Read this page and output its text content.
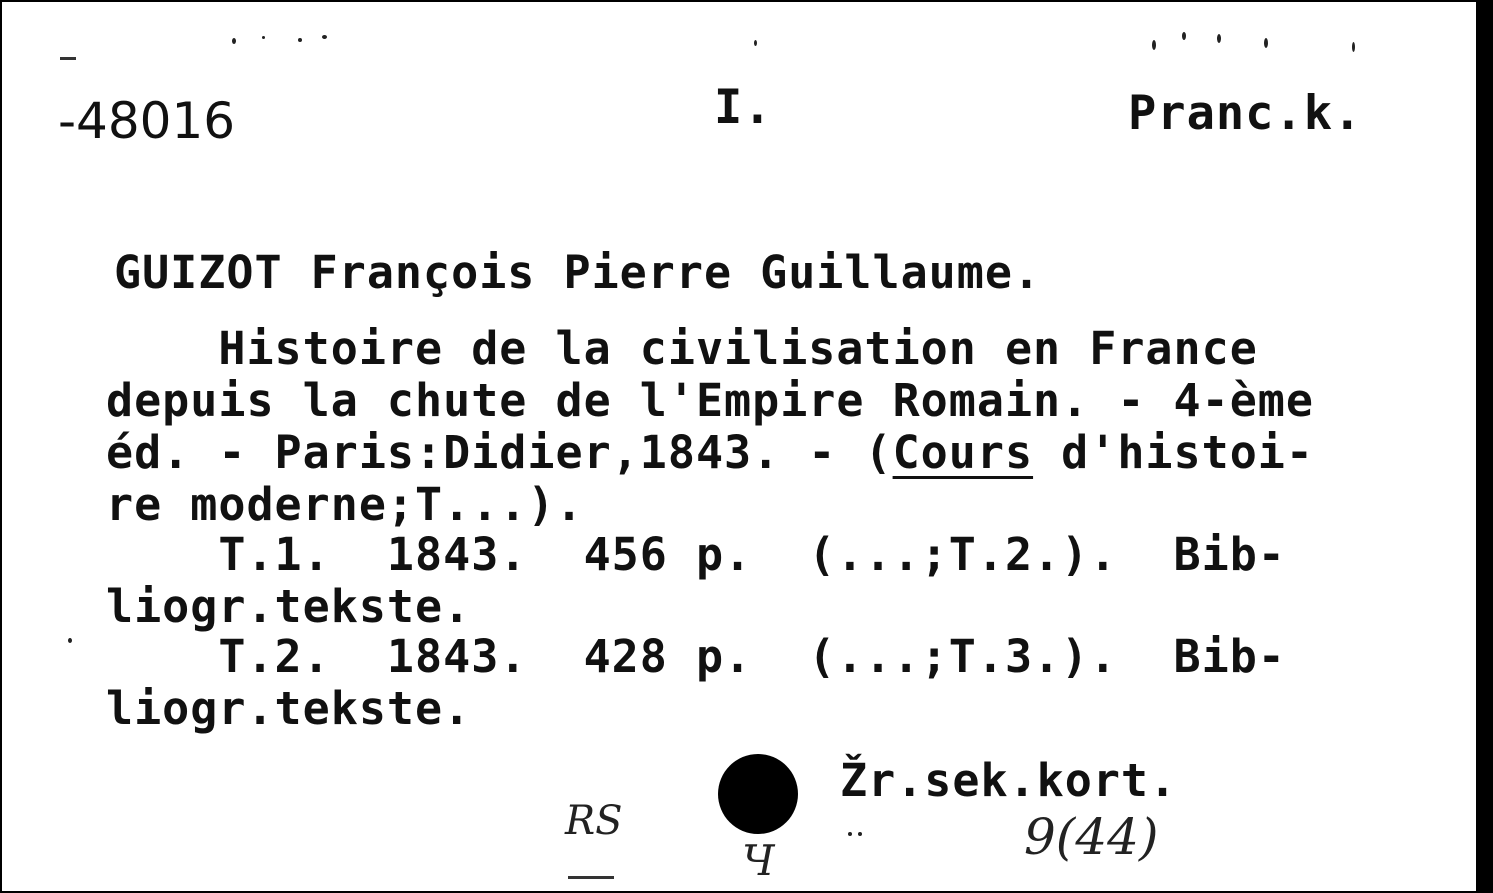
-48016	I.	Pranc.k.
GUIZOT François Pierre Guillaume.
Histoire de la civilisation en France
depuis la chute de l'Empire Romain. - 4-ème
éd. - Paris:Didier,1843. - (Cours d'histoi-
re moderne;T...).
T.1.  1843.  456 p.  (...;T.2.).  Bib-
liogr.tekste.
T.2.  1843.  428 p.  (...;T.3.).  Bib-
liogr.tekste.
Žr.sek.kort.
RS
Ч	9(44)
